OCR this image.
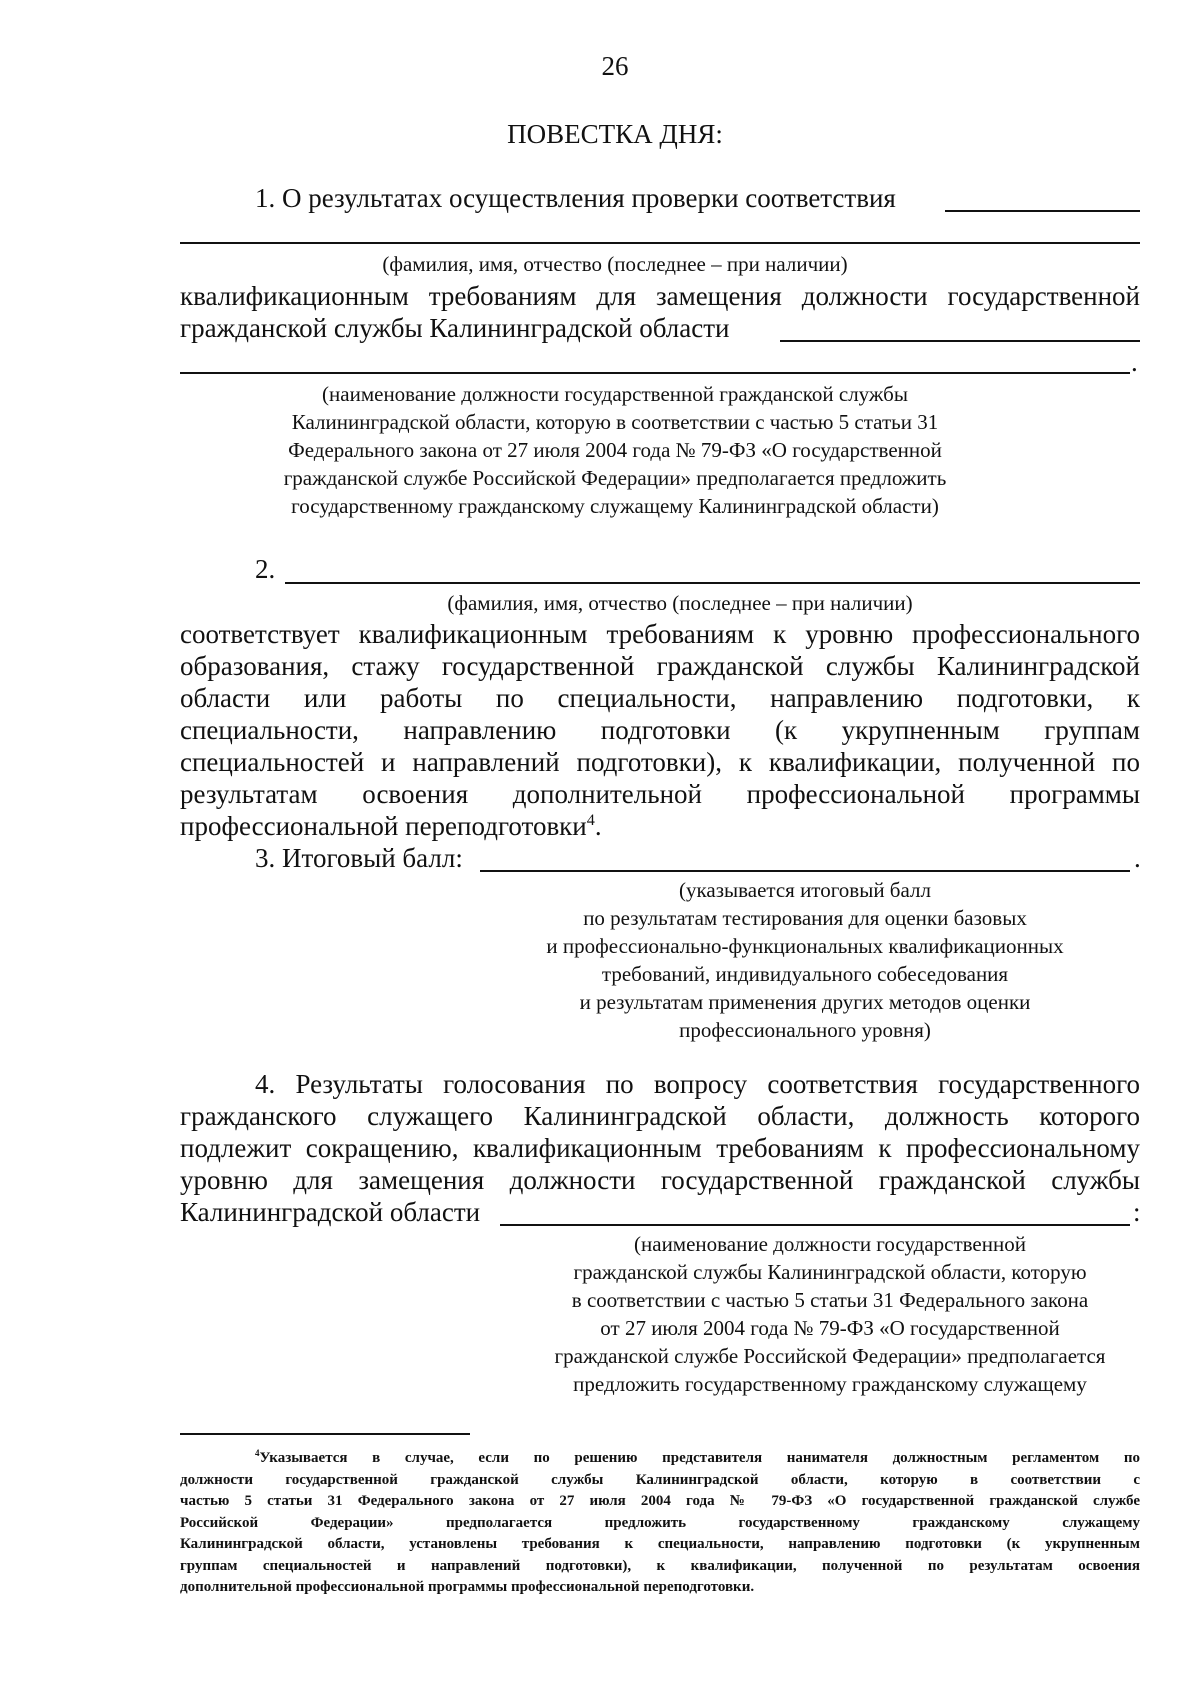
26
ПОВЕСТКА ДНЯ:
1. О результатах осуществления проверки соответствия
(фамилия, имя, отчество (последнее – при наличии)
квалификационным требованиям для замещения должности государственной
гражданской службы Калининградской области
.
(наименование должности государственной гражданской службы
Калининградской области, которую в соответствии с частью 5 статьи 31
Федерального закона от 27 июля 2004 года № 79-ФЗ «О государственной
гражданской службе Российской Федерации» предполагается предложить
государственному гражданскому служащему Калининградской области)
2.
(фамилия, имя, отчество (последнее – при наличии)
соответствует квалификационным требованиям к уровню профессионального
образования, стажу государственной гражданской службы Калининградской
области или работы по специальности, направлению подготовки, к
специальности, направлению подготовки (к укрупненным группам
специальностей и направлений подготовки), к квалификации, полученной по
результатам освоения дополнительной профессиональной программы
профессиональной переподготовки$^4$.
3. Итоговый балл:	.
(указывается итоговый балл
по результатам тестирования для оценки базовых
и профессионально-функциональных квалификационных
требований, индивидуального собеседования
и результатам применения других методов оценки
профессионального уровня)
4. Результаты голосования по вопросу соответствия государственного
гражданского служащего Калининградской области, должность которого
подлежит сокращению, квалификационным требованиям к профессиональному
уровню для замещения должности государственной гражданской службы
Калининградской области	:
(наименование должности государственной
гражданской службы Калининградской области, которую
в соответствии с частью 5 статьи 31 Федерального закона
от 27 июля 2004 года № 79-ФЗ «О государственной
гражданской службе Российской Федерации» предполагается
предложить государственному гражданскому служащему
$^4$Указывается в случае, если по решению представителя нанимателя должностным регламентом по
должности государственной гражданской службы Калининградской области, которую в соответствии с
частью 5 статьи 31 Федерального закона от 27 июля 2004 года № 79-ФЗ «О государственной гражданской службе
Российской Федерации» предполагается предложить государственному гражданскому служащему
Калининградской области, установлены требования к специальности, направлению подготовки (к укрупненным
группам специальностей и направлений подготовки), к квалификации, полученной по результатам освоения
дополнительной профессиональной программы профессиональной переподготовки.
